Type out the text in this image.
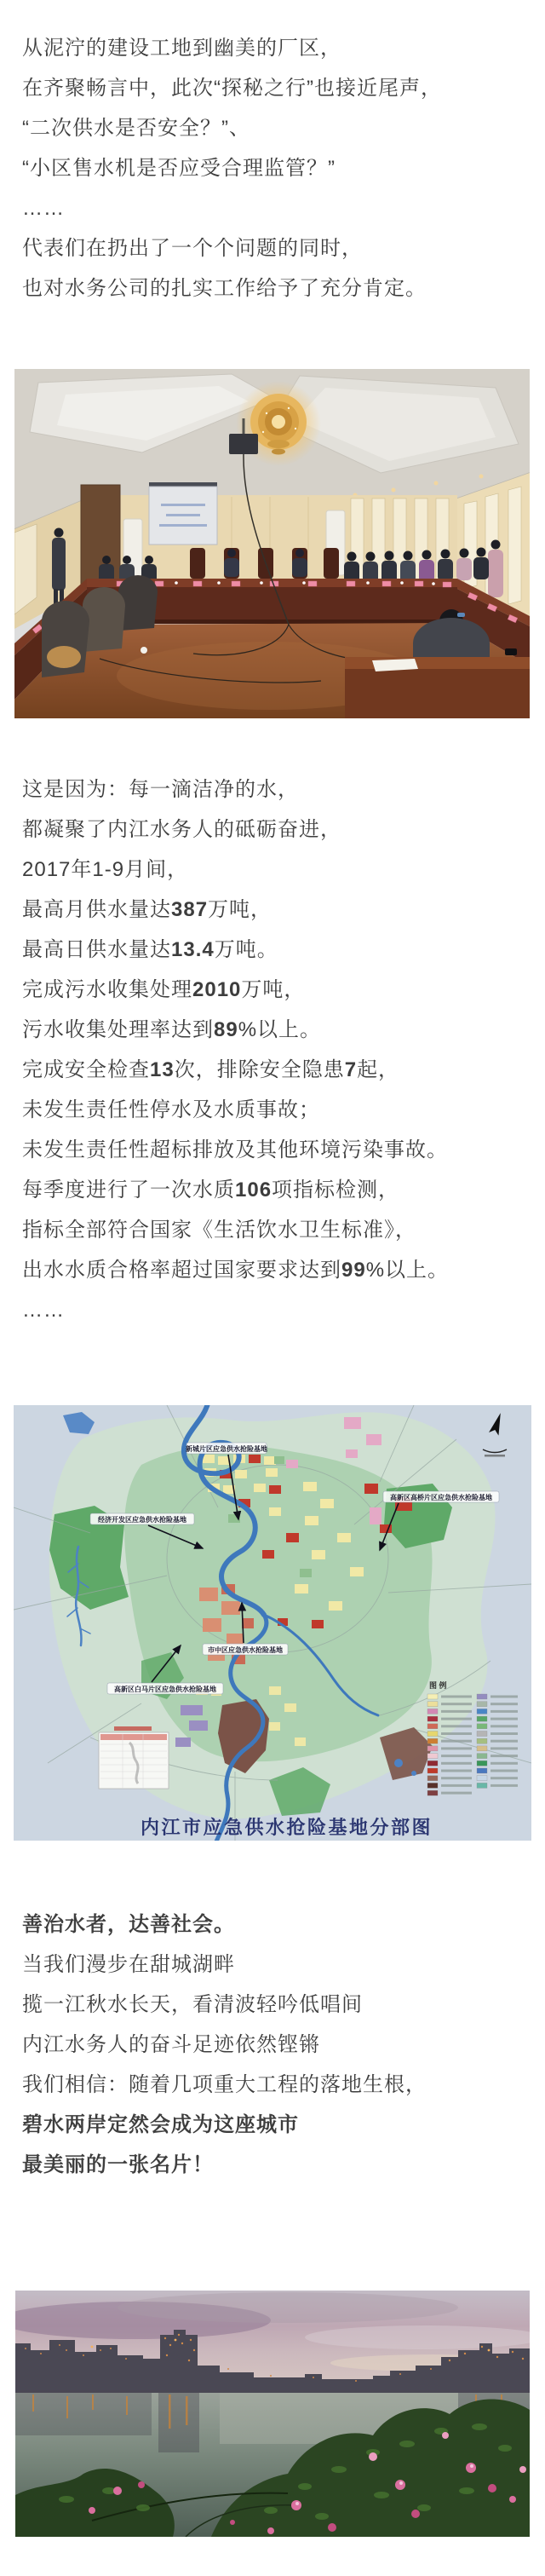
从泥泞的建设工地到幽美的厂区，

在齐聚畅言中，此次“探秘之行”也接近尾声，

“二次供水是否安全？”、

“小区售水机是否应受合理监管？”

……

代表们在扔出了一个个问题的同时，

也对水务公司的扎实工作给予了充分肯定。

这是因为：每一滴洁净的水，

都凝聚了内江水务人的砥砺奋进，

2017年1-9月间，

最高月供水量达387万吨，

最高日供水量达13.4万吨。

完成污水收集处理2010万吨，

污水收集处理率达到89%以上。

完成安全检查13次，排除安全隐患7起，

未发生责任性停水及水质事故；

未发生责任性超标排放及其他环境污染事故。

每季度进行了一次水质106项指标检测，

指标全部符合国家《生活饮水卫生标准》，

出水水质合格率超过国家要求达到99%以上。

……

新城片区应急供水抢险基地
高新区高桥片区应急供水抢险基地
经济开发区应急供水抢险基地
市中区应急供水抢险基地
高新区白马片区应急供水抢险基地	图 例
内江市应急供水抢险基地分部图

善治水者，达善社会。

当我们漫步在甜城湖畔

揽一江秋水长天，看清波轻吟低唱间

内江水务人的奋斗足迹依然铿锵

我们相信：随着几项重大工程的落地生根，

碧水两岸定然会成为这座城市

最美丽的一张名片！
